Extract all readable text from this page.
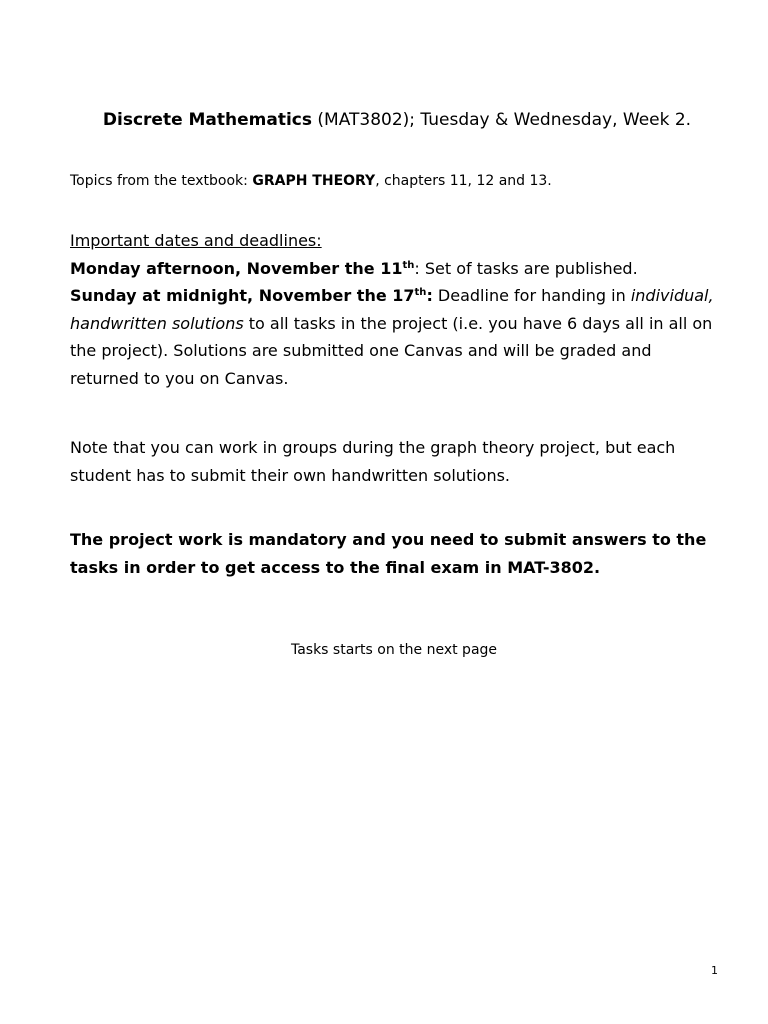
Discrete Mathematics (MAT3802); Tuesday & Wednesday, Week 2.
Topics from the textbook: GRAPH THEORY, chapters 11, 12 and 13.
Important dates and deadlines:
Monday afternoon, November the 11th: Set of tasks are published.
Sunday at midnight, November the 17th: Deadline for handing in individual, handwritten solutions to all tasks in the project (i.e. you have 6 days all in all on the project). Solutions are submitted one Canvas and will be graded and returned to you on Canvas.
Note that you can work in groups during the graph theory project, but each student has to submit their own handwritten solutions.
The project work is mandatory and you need to submit answers to the tasks in order to get access to the final exam in MAT-3802.
Tasks starts on the next page
1
